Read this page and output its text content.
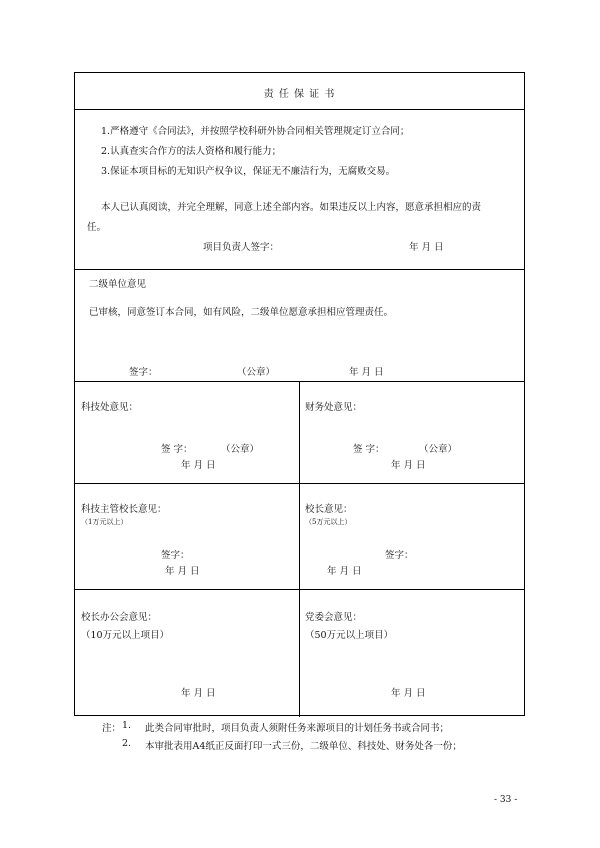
责 任 保 证 书
1.严格遵守《合同法》，并按照学校科研外协合同相关管理规定订立合同；
2.认真查实合作方的法人资格和履行能力；
3.保证本项目标的无知识产权争议，保证无不廉洁行为，无腐败交易。
本人已认真阅读，并完全理解，同意上述全部内容。如果违反以上内容，愿意承担相应的责
任。
项目负责人签字：	年 月 日
二级单位意见
已审核，同意签订本合同，如有风险，二级单位愿意承担相应管理责任。
签字：	（公章）	年 月 日
科技处意见：
签 字：	（公章）
年 月 日
财务处意见：
签 字：	（公章）
年 月 日
科技主管校长意见：
（1万元以上）
签字：
年 月 日
校长意见：
（5万元以上）
签字：
年 月 日
校长办公会意见：
（10万元以上项目）
年 月 日
党委会意见：
（50万元以上项目）
年 月 日
注： 1. 此类合同审批时，项目负责人须附任务来源项目的计划任务书或合同书；
2. 本审批表用A4纸正反面打印一式三份，二级单位、科技处、财务处各一份；
- 33 -
